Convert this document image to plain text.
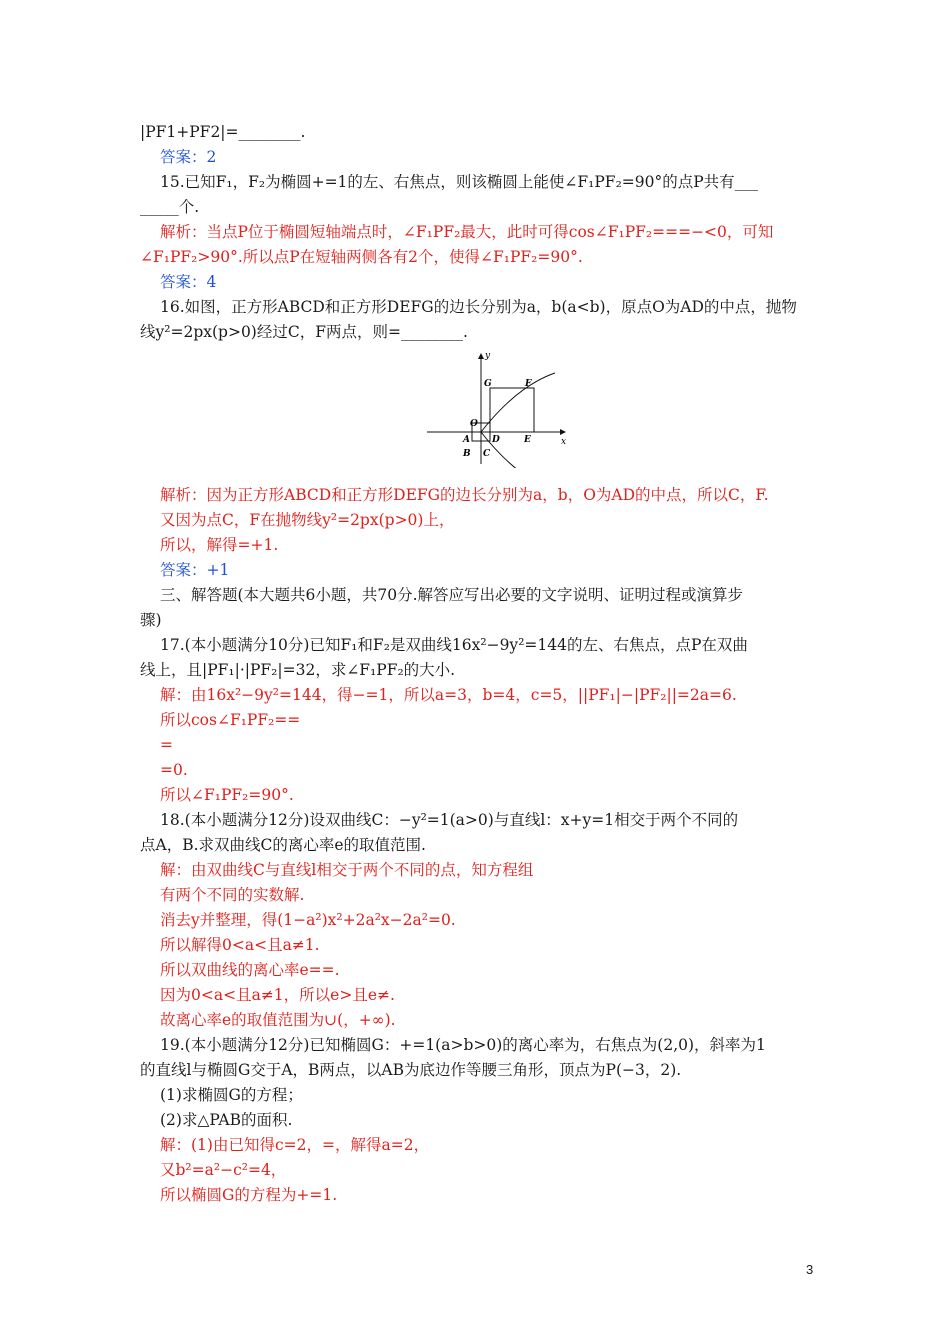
|PF1+PF2|=________.
答案：2
15.已知F₁，F₂为椭圆+=1的左、右焦点，则该椭圆上能使∠F₁PF₂=90°的点P共有___
_____个.
解析：当点P位于椭圆短轴端点时，∠F₁PF₂最大，此时可得cos∠F₁PF₂===−<0，可知
∠F₁PF₂>90°.所以点P在短轴两侧各有2个，使得∠F₁PF₂=90°.
答案：4
16.如图，正方形ABCD和正方形DEFG的边长分别为a，b(a<b)，原点O为AD的中点，抛物
线y²=2px(p>0)经过C，F两点，则=________.
x
y
G	F
O
A D	E
B C
解析：因为正方形ABCD和正方形DEFG的边长分别为a，b，O为AD的中点，所以C，F.
又因为点C，F在抛物线y²=2px(p>0)上，
所以，解得=+1.
答案：+1
三、解答题(本大题共6小题，共70分.解答应写出必要的文字说明、证明过程或演算步
骤)
17.(本小题满分10分)已知F₁和F₂是双曲线16x²−9y²=144的左、右焦点，点P在双曲
线上，且|PF₁|·|PF₂|=32，求∠F₁PF₂的大小.
解：由16x²−9y²=144，得−=1，所以a=3，b=4，c=5，||PF₁|−|PF₂||=2a=6.
所以cos∠F₁PF₂==
=
=0.
所以∠F₁PF₂=90°.
18.(本小题满分12分)设双曲线C：−y²=1(a>0)与直线l：x+y=1相交于两个不同的
点A，B.求双曲线C的离心率e的取值范围.
解：由双曲线C与直线l相交于两个不同的点，知方程组
有两个不同的实数解.
消去y并整理，得(1−a²)x²+2a²x−2a²=0.
所以解得0<a<且a≠1.
所以双曲线的离心率e==.
因为0<a<且a≠1，所以e>且e≠.
故离心率e的取值范围为∪(，+∞).
19.(本小题满分12分)已知椭圆G：+=1(a>b>0)的离心率为，右焦点为(2,0)，斜率为1
的直线l与椭圆G交于A，B两点，以AB为底边作等腰三角形，顶点为P(−3，2).
(1)求椭圆G的方程；
(2)求△PAB的面积.
解：(1)由已知得c=2，=，解得a=2，
又b²=a²−c²=4，
所以椭圆G的方程为+=1.
3
